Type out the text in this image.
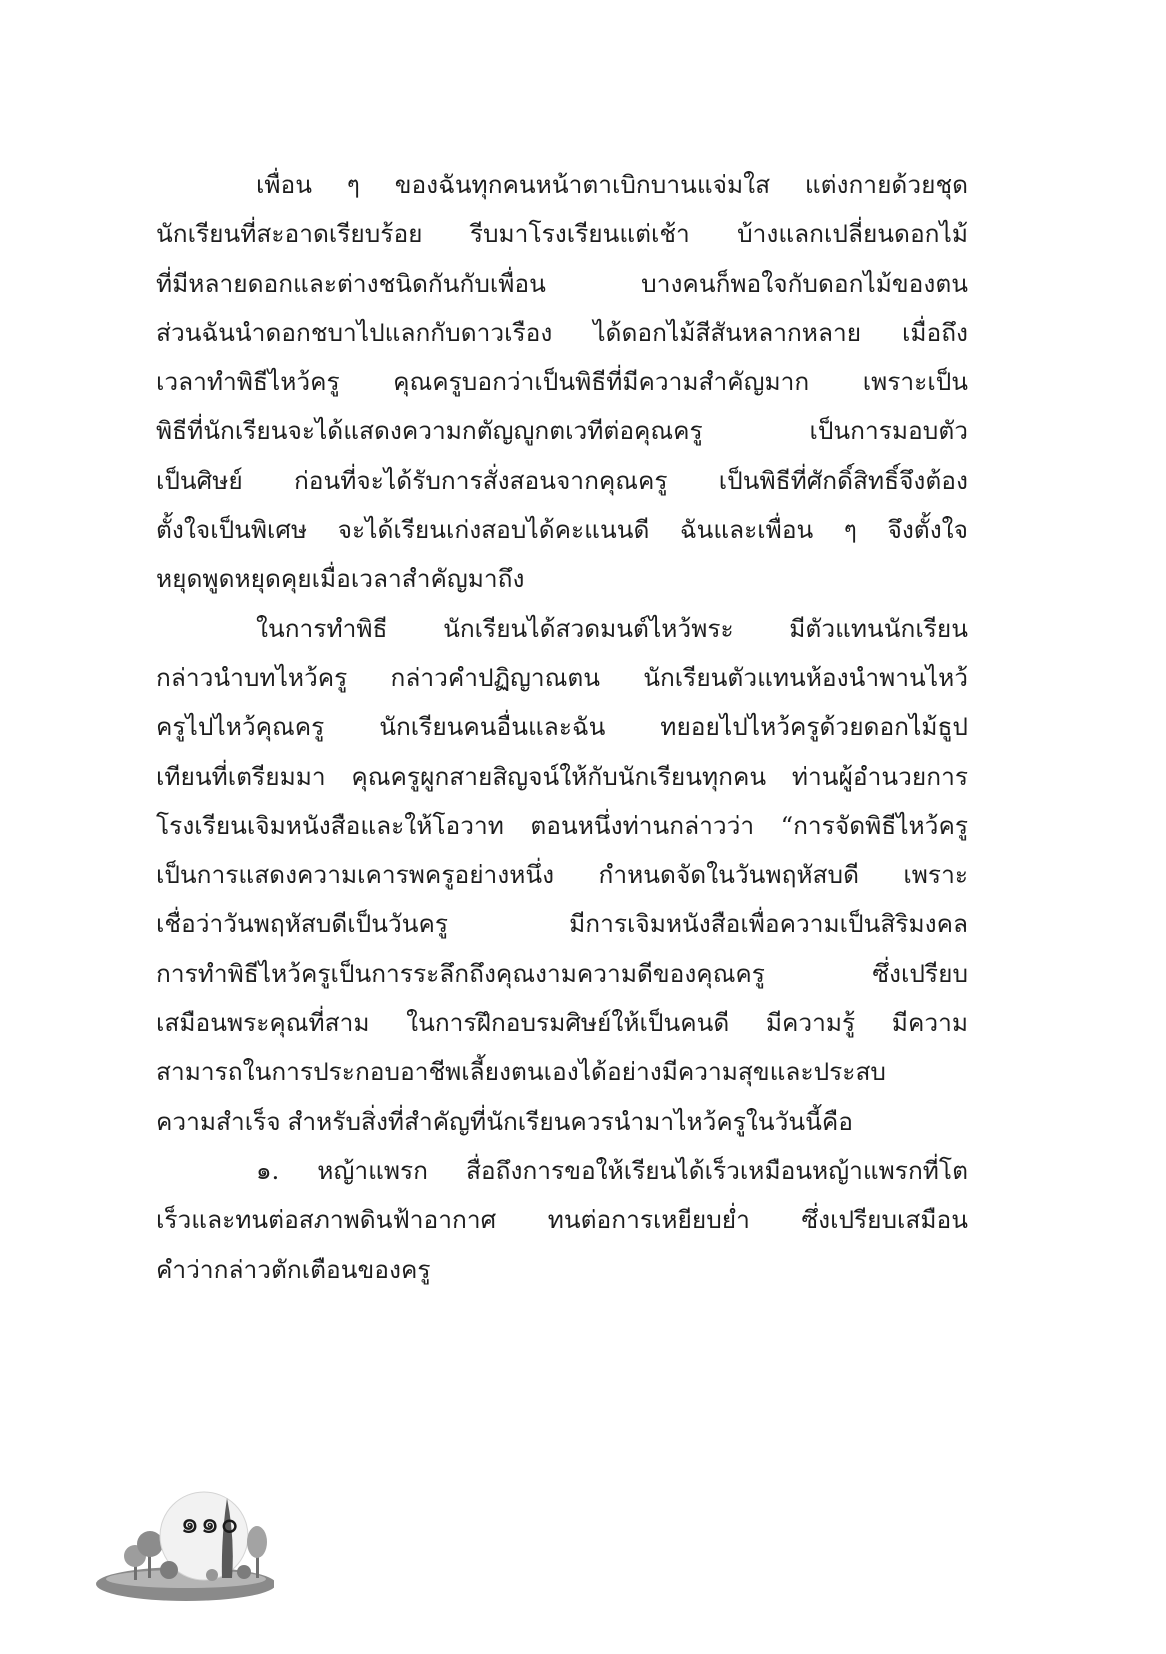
เพื่อน ๆ ของฉันทุกคนหน้าตาเบิกบานแจ่มใส แต่งกายด้วยชุด
นักเรียนที่สะอาดเรียบร้อย รีบมาโรงเรียนแต่เช้า บ้างแลกเปลี่ยนดอกไม้
ที่มีหลายดอกและต่างชนิดกันกับเพื่อน บางคนก็พอใจกับดอกไม้ของตน
ส่วนฉันนำดอกชบาไปแลกกับดาวเรือง ได้ดอกไม้สีสันหลากหลาย เมื่อถึง
เวลาทำพิธีไหว้ครู คุณครูบอกว่าเป็นพิธีที่มีความสำคัญมาก เพราะเป็น
พิธีที่นักเรียนจะได้แสดงความกตัญญูกตเวทีต่อคุณครู เป็นการมอบตัว
เป็นศิษย์ ก่อนที่จะได้รับการสั่งสอนจากคุณครู เป็นพิธีที่ศักดิ์สิทธิ์จึงต้อง
ตั้งใจเป็นพิเศษ จะได้เรียนเก่งสอบได้คะแนนดี ฉันและเพื่อน ๆ จึงตั้งใจ
หยุดพูดหยุดคุยเมื่อเวลาสำคัญมาถึง
ในการทำพิธี นักเรียนได้สวดมนต์ไหว้พระ มีตัวแทนนักเรียน
กล่าวนำบทไหว้ครู กล่าวคำปฏิญาณตน นักเรียนตัวแทนห้องนำพานไหว้
ครูไปไหว้คุณครู นักเรียนคนอื่นและฉัน ทยอยไปไหว้ครูด้วยดอกไม้ธูป
เทียนที่เตรียมมา คุณครูผูกสายสิญจน์ให้กับนักเรียนทุกคน ท่านผู้อำนวยการ
โรงเรียนเจิมหนังสือและให้โอวาท ตอนหนึ่งท่านกล่าวว่า “การจัดพิธีไหว้ครู
เป็นการแสดงความเคารพครูอย่างหนึ่ง กำหนดจัดในวันพฤหัสบดี เพราะ
เชื่อว่าวันพฤหัสบดีเป็นวันครู มีการเจิมหนังสือเพื่อความเป็นสิริมงคล
การทำพิธีไหว้ครูเป็นการระลึกถึงคุณงามความดีของคุณครู ซึ่งเปรียบ
เสมือนพระคุณที่สาม ในการฝึกอบรมศิษย์ให้เป็นคนดี มีความรู้ มีความ
สามารถในการประกอบอาชีพเลี้ยงตนเองได้อย่างมีความสุขและประสบ
ความสำเร็จ สำหรับสิ่งที่สำคัญที่นักเรียนควรนำมาไหว้ครูในวันนี้คือ
๑. หญ้าแพรก สื่อถึงการขอให้เรียนได้เร็วเหมือนหญ้าแพรกที่โต
เร็วและทนต่อสภาพดินฟ้าอากาศ ทนต่อการเหยียบย่ำ ซึ่งเปรียบเสมือน
คำว่ากล่าวตักเตือนของครู
๑๑๐
